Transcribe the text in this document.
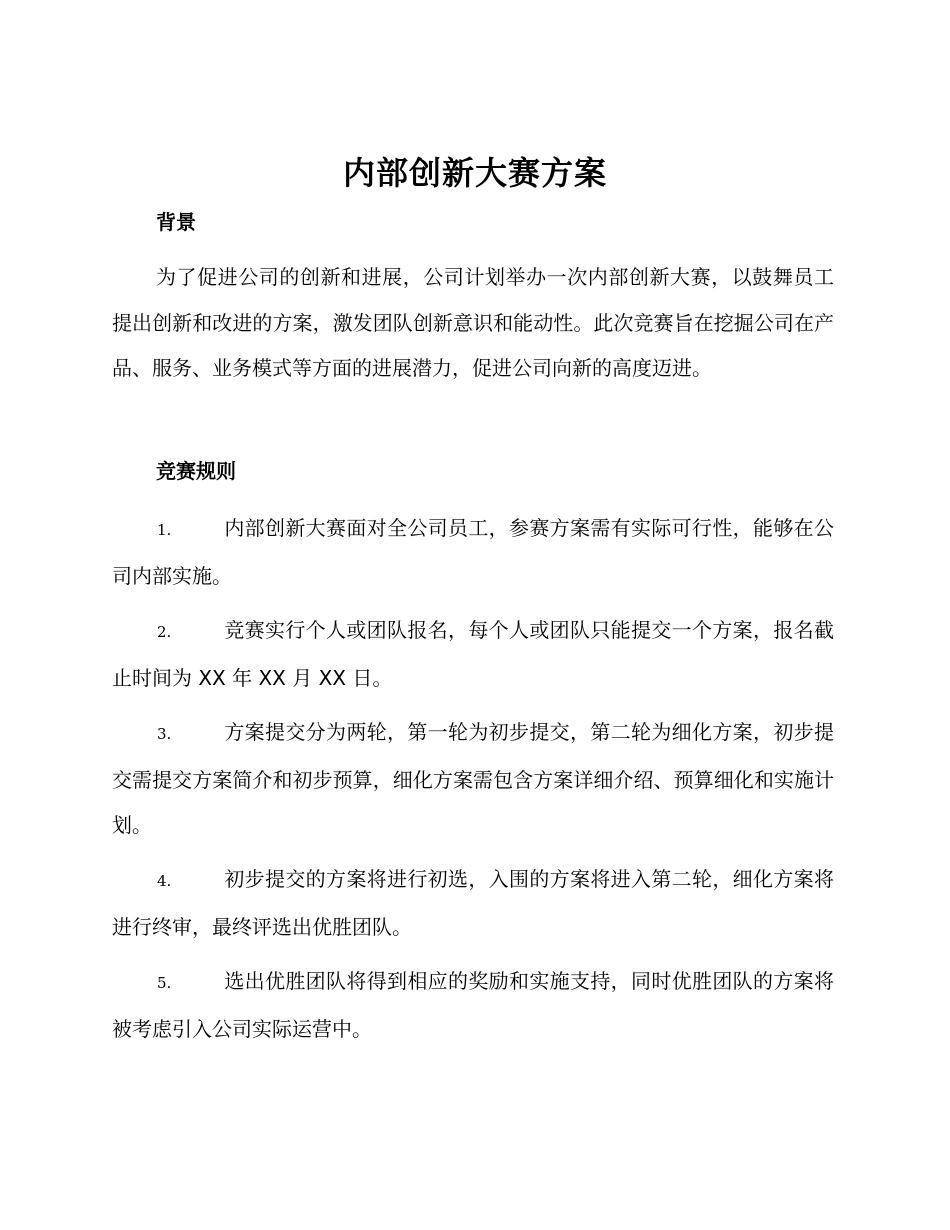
内部创新大赛方案
背景

为了促进公司的创新和进展，公司计划举办一次内部创新大赛，以鼓舞员工提出创新和改进的方案，激发团队创新意识和能动性。此次竞赛旨在挖掘公司在产品、服务、业务模式等方面的进展潜力，促进公司向新的高度迈进。

竞赛规则

1.	内部创新大赛面对全公司员工，参赛方案需有实际可行性，能够在公司内部实施。

2.	竞赛实行个人或团队报名，每个人或团队只能提交一个方案，报名截止时间为 XX 年 XX 月 XX 日。

3.	方案提交分为两轮，第一轮为初步提交，第二轮为细化方案，初步提交需提交方案简介和初步预算，细化方案需包含方案详细介绍、预算细化和实施计划。

4.	初步提交的方案将进行初选，入围的方案将进入第二轮，细化方案将进行终审，最终评选出优胜团队。

5.	选出优胜团队将得到相应的奖励和实施支持，同时优胜团队的方案将被考虑引入公司实际运营中。
